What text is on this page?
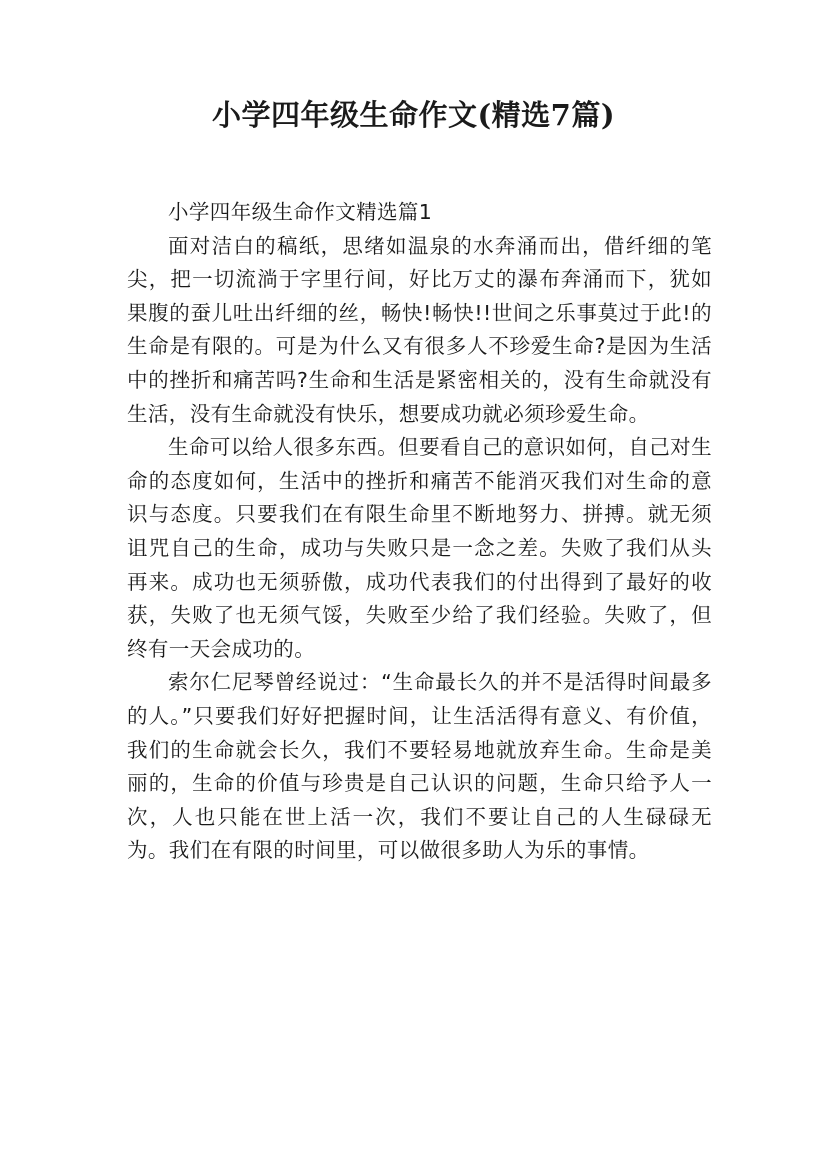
小学四年级生命作文(精选7篇)
小学四年级生命作文精选篇1

面对洁白的稿纸，思绪如温泉的水奔涌而出，借纤细的笔尖，把一切流淌于字里行间，好比万丈的瀑布奔涌而下，犹如果腹的蚕儿吐出纤细的丝，畅快!畅快!!世间之乐事莫过于此!的生命是有限的。可是为什么又有很多人不珍爱生命?是因为生活中的挫折和痛苦吗?生命和生活是紧密相关的，没有生命就没有生活，没有生命就没有快乐，想要成功就必须珍爱生命。

生命可以给人很多东西。但要看自己的意识如何，自己对生命的态度如何，生活中的挫折和痛苦不能消灭我们对生命的意识与态度。只要我们在有限生命里不断地努力、拼搏。就无须诅咒自己的生命，成功与失败只是一念之差。失败了我们从头再来。成功也无须骄傲，成功代表我们的付出得到了最好的收获，失败了也无须气馁，失败至少给了我们经验。失败了，但终有一天会成功的。

索尔仁尼琴曾经说过：“生命最长久的并不是活得时间最多的人。”只要我们好好把握时间，让生活活得有意义、有价值，我们的生命就会长久，我们不要轻易地就放弃生命。生命是美丽的，生命的价值与珍贵是自己认识的问题，生命只给予人一次，人也只能在世上活一次，我们不要让自己的人生碌碌无为。我们在有限的时间里，可以做很多助人为乐的事情。
